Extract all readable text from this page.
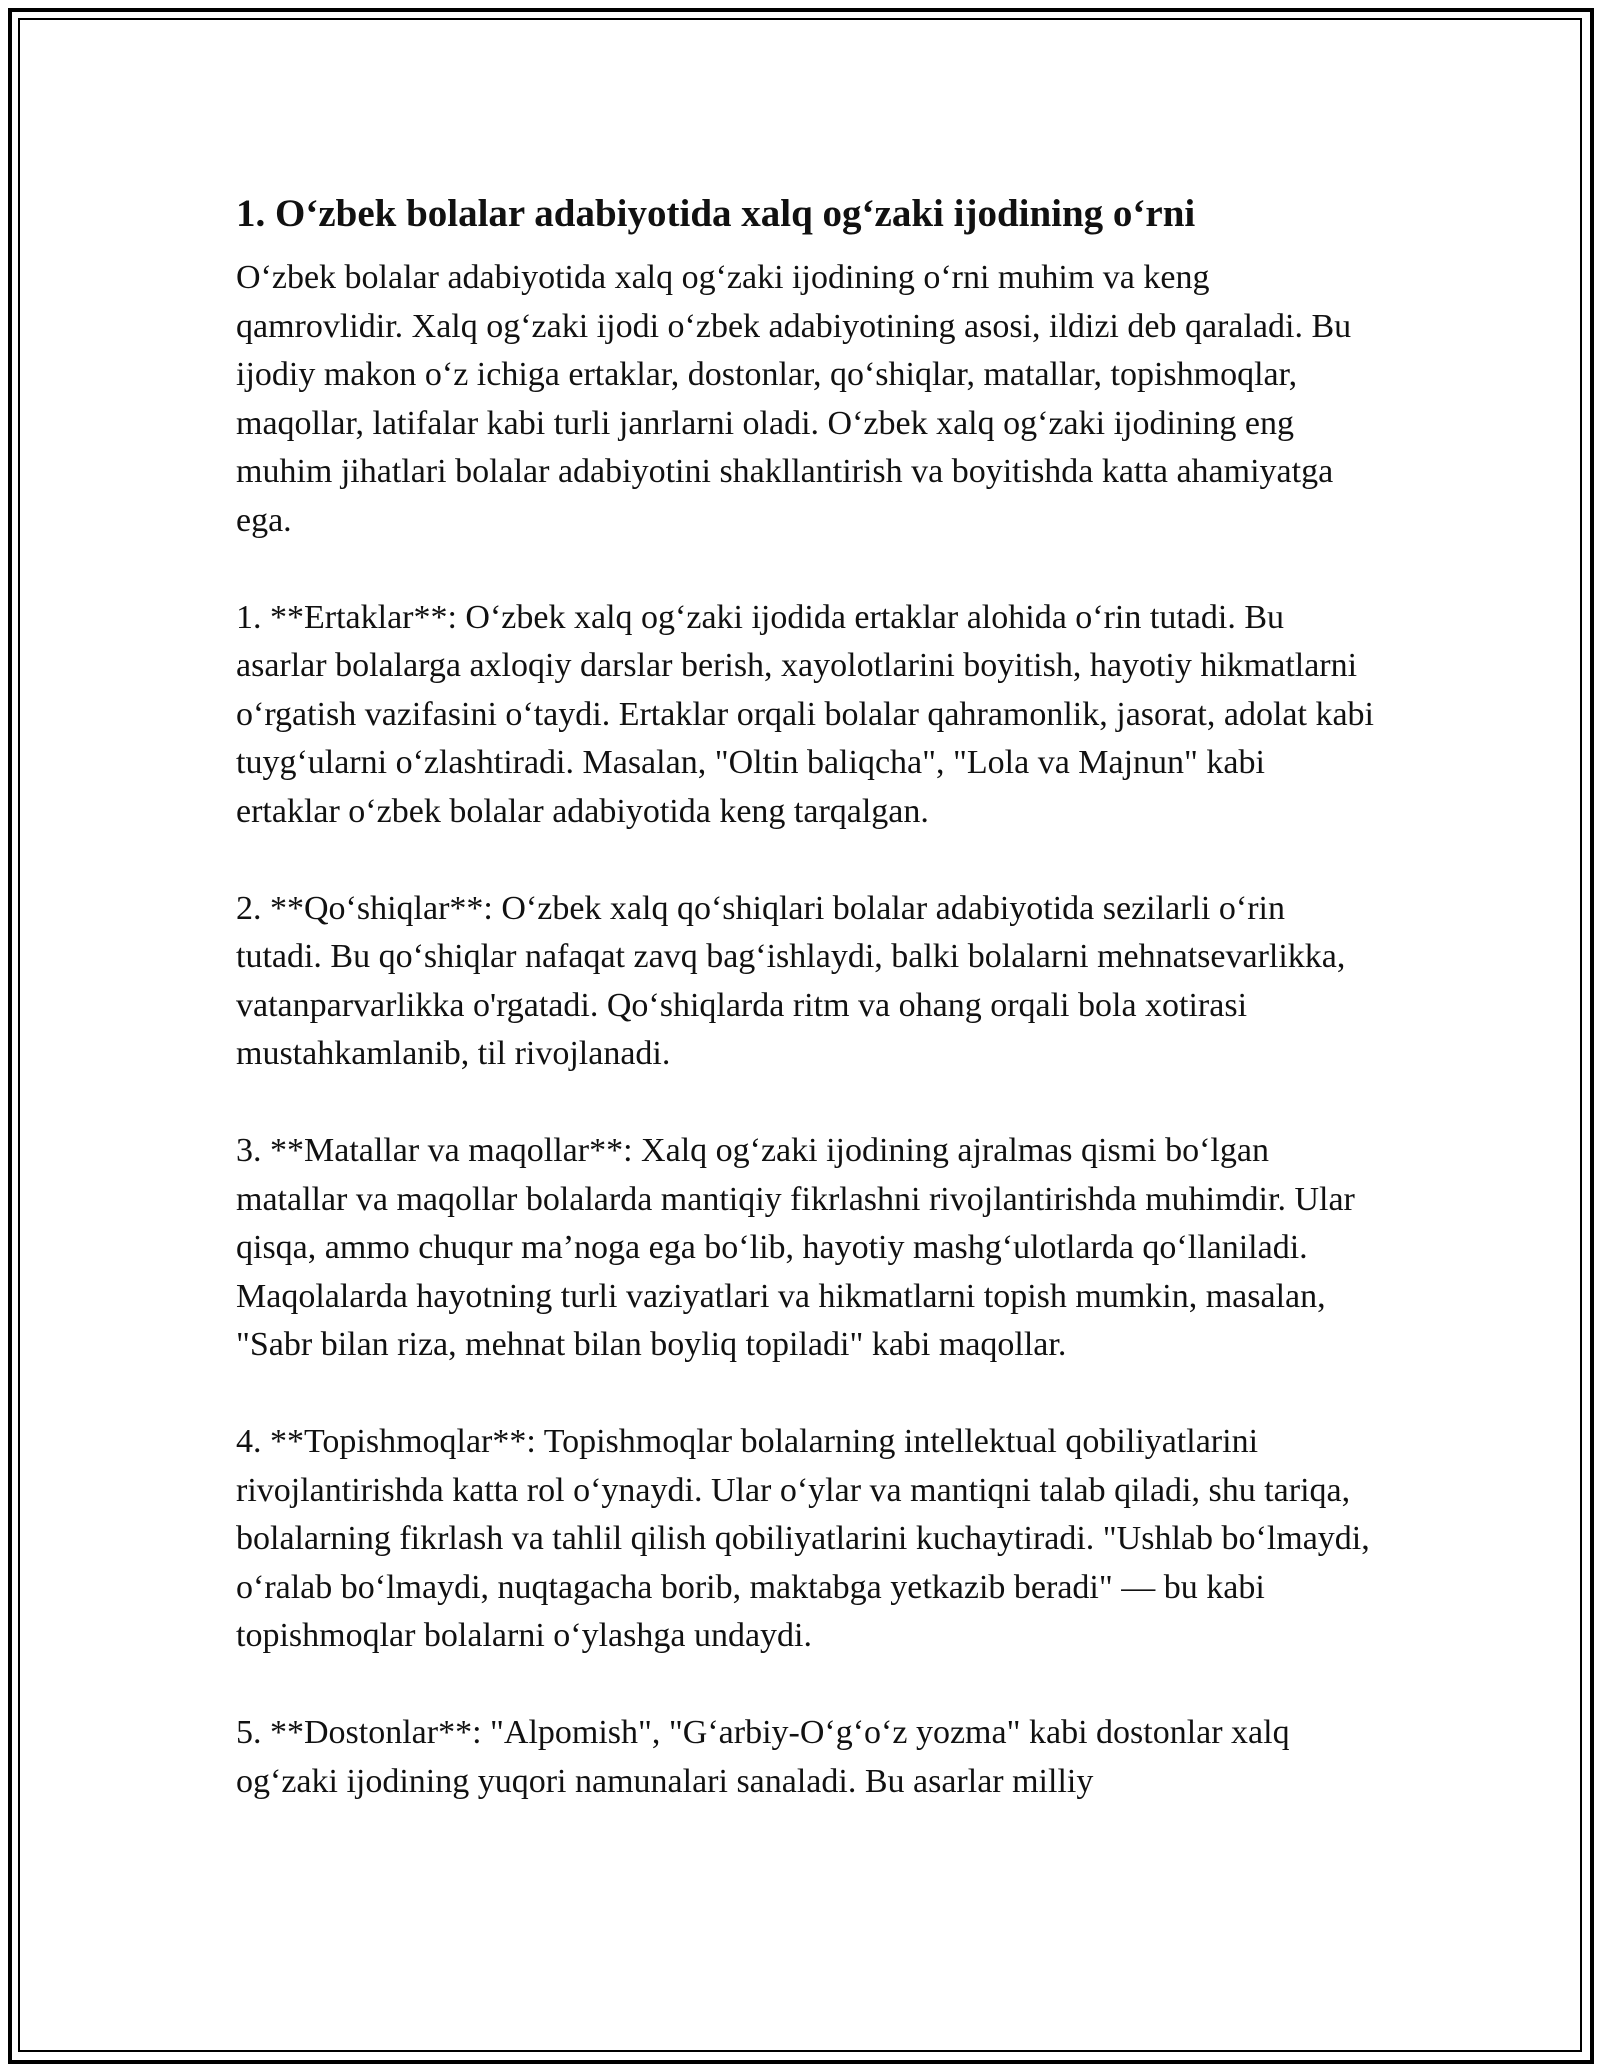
1. O‘zbek bolalar adabiyotida xalq og‘zaki ijodining o‘rni

O‘zbek bolalar adabiyotida xalq og‘zaki ijodining o‘rni muhim va keng qamrovlidir. Xalq og‘zaki ijodi o‘zbek adabiyotining asosi, ildizi deb qaraladi. Bu ijodiy makon o‘z ichiga ertaklar, dostonlar, qo‘shiqlar, matallar, topishmoqlar, maqollar, latifalar kabi turli janrlarni oladi. O‘zbek xalq og‘zaki ijodining eng muhim jihatlari bolalar adabiyotini shakllantirish va boyitishda katta ahamiyatga ega.

1. **Ertaklar**: O‘zbek xalq og‘zaki ijodida ertaklar alohida o‘rin tutadi. Bu asarlar bolalarga axloqiy darslar berish, xayolotlarini boyitish, hayotiy hikmatlarni o‘rgatish vazifasini o‘taydi. Ertaklar orqali bolalar qahramonlik, jasorat, adolat kabi tuyg‘ularni o‘zlashtiradi. Masalan, "Oltin baliqcha", "Lola va Majnun" kabi ertaklar o‘zbek bolalar adabiyotida keng tarqalgan.

2. **Qo‘shiqlar**: O‘zbek xalq qo‘shiqlari bolalar adabiyotida sezilarli o‘rin tutadi. Bu qo‘shiqlar nafaqat zavq bag‘ishlaydi, balki bolalarni mehnatsevarlikka, vatanparvarlikka o'rgatadi. Qo‘shiqlarda ritm va ohang orqali bola xotirasi mustahkamlanib, til rivojlanadi.

3. **Matallar va maqollar**: Xalq og‘zaki ijodining ajralmas qismi bo‘lgan matallar va maqollar bolalarda mantiqiy fikrlashni rivojlantirishda muhimdir. Ular qisqa, ammo chuqur ma’noga ega bo‘lib, hayotiy mashg‘ulotlarda qo‘llaniladi. Maqolalarda hayotning turli vaziyatlari va hikmatlarni topish mumkin, masalan, "Sabr bilan riza, mehnat bilan boyliq topiladi" kabi maqollar.

4. **Topishmoqlar**: Topishmoqlar bolalarning intellektual qobiliyatlarini rivojlantirishda katta rol o‘ynaydi. Ular o‘ylar va mantiqni talab qiladi, shu tariqa, bolalarning fikrlash va tahlil qilish qobiliyatlarini kuchaytiradi. "Ushlab bo‘lmaydi, o‘ralab bo‘lmaydi, nuqtagacha borib, maktabga yetkazib beradi" — bu kabi topishmoqlar bolalarni o‘ylashga undaydi.

5. **Dostonlar**: "Alpomish", "G‘arbiy-O‘g‘o‘z yozma" kabi dostonlar xalq og‘zaki ijodining yuqori namunalari sanaladi. Bu asarlar milliy
